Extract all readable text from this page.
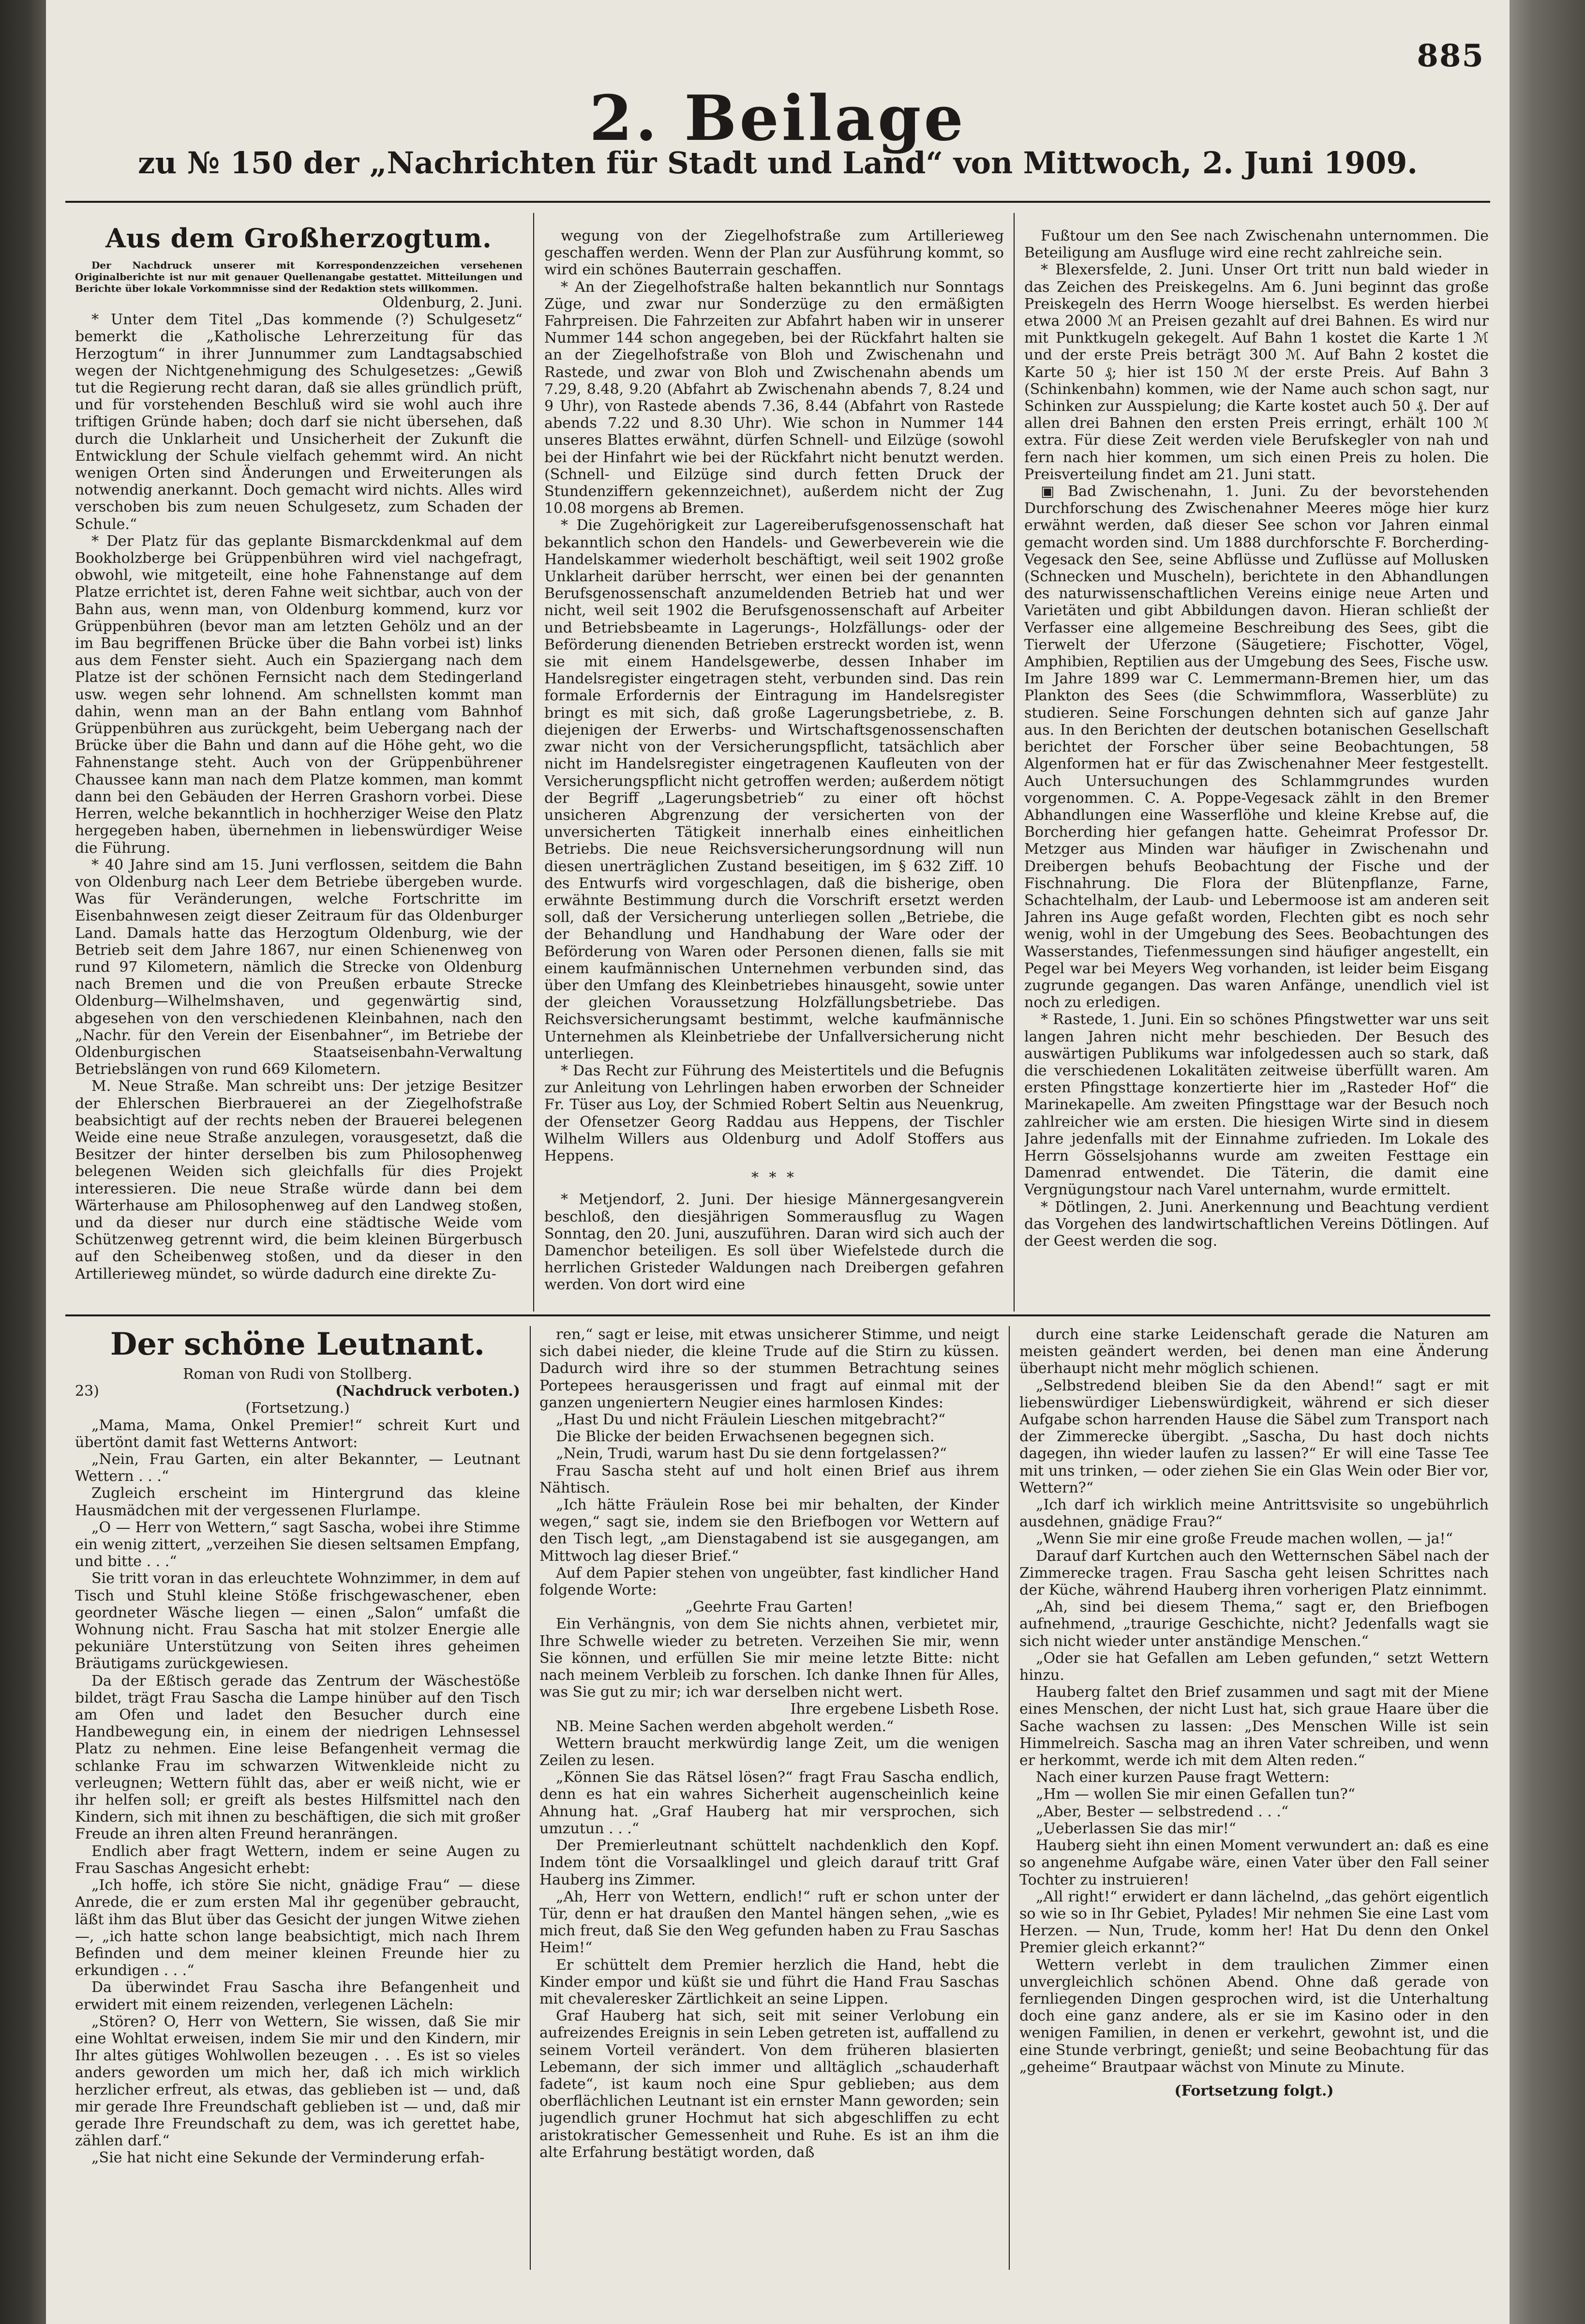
885
2. Beilage
zu № 150 der „Nachrichten für Stadt und Land“ von Mittwoch, 2. Juni 1909.
Aus dem Großherzogtum.

Der Nachdruck unserer mit Korrespondenzzeichen versehenen Originalberichte ist nur mit genauer Quellenangabe gestattet. Mitteilungen und Berichte über lokale Vorkommnisse sind der Redaktion stets willkommen.

Oldenburg, 2. Juni.

* Unter dem Titel „Das kommende (?) Schulgesetz“ bemerkt die „Katholische Lehrerzeitung für das Herzogtum“ in ihrer Junnummer zum Landtagsabschied wegen der Nichtgenehmigung des Schulgesetzes: „Gewiß tut die Regierung recht daran, daß sie alles gründlich prüft, und für vorstehenden Beschluß wird sie wohl auch ihre triftigen Gründe haben; doch darf sie nicht übersehen, daß durch die Unklarheit und Unsicherheit der Zukunft die Entwicklung der Schule vielfach gehemmt wird. An nicht wenigen Orten sind Änderungen und Erweiterungen als notwendig anerkannt. Doch gemacht wird nichts. Alles wird verschoben bis zum neuen Schulgesetz, zum Schaden der Schule.“

* Der Platz für das geplante Bismarckdenkmal auf dem Bookholzberge bei Grüppenbühren wird viel nachgefragt, obwohl, wie mitgeteilt, eine hohe Fahnenstange auf dem Platze errichtet ist, deren Fahne weit sichtbar, auch von der Bahn aus, wenn man, von Oldenburg kommend, kurz vor Grüppenbühren (bevor man am letzten Gehölz und an der im Bau begriffenen Brücke über die Bahn vorbei ist) links aus dem Fenster sieht. Auch ein Spaziergang nach dem Platze ist der schönen Fernsicht nach dem Stedingerland usw. wegen sehr lohnend. Am schnellsten kommt man dahin, wenn man an der Bahn entlang vom Bahnhof Grüppenbühren aus zurückgeht, beim Uebergang nach der Brücke über die Bahn und dann auf die Höhe geht, wo die Fahnenstange steht. Auch von der Grüppenbührener Chaussee kann man nach dem Platze kommen, man kommt dann bei den Gebäuden der Herren Grashorn vorbei. Diese Herren, welche bekanntlich in hochherziger Weise den Platz hergegeben haben, übernehmen in liebenswürdiger Weise die Führung.

* 40 Jahre sind am 15. Juni verflossen, seitdem die Bahn von Oldenburg nach Leer dem Betriebe übergeben wurde. Was für Veränderungen, welche Fortschritte im Eisenbahnwesen zeigt dieser Zeitraum für das Oldenburger Land. Damals hatte das Herzogtum Oldenburg, wie der Betrieb seit dem Jahre 1867, nur einen Schienenweg von rund 97 Kilometern, nämlich die Strecke von Oldenburg nach Bremen und die von Preußen erbaute Strecke Oldenburg—Wilhelmshaven, und gegenwärtig sind, abgesehen von den verschiedenen Kleinbahnen, nach den „Nachr. für den Verein der Eisenbahner“, im Betriebe der Oldenburgischen Staatseisenbahn-Verwaltung Betriebslängen von rund 669 Kilometern.

M. Neue Straße. Man schreibt uns: Der jetzige Besitzer der Ehlerschen Bierbrauerei an der Ziegelhofstraße beabsichtigt auf der rechts neben der Brauerei belegenen Weide eine neue Straße anzulegen, vorausgesetzt, daß die Besitzer der hinter derselben bis zum Philosophenweg belegenen Weiden sich gleichfalls für dies Projekt interessieren. Die neue Straße würde dann bei dem Wärterhause am Philosophenweg auf den Landweg stoßen, und da dieser nur durch eine städtische Weide vom Schützenweg getrennt wird, die beim kleinen Bürgerbusch auf den Scheibenweg stoßen, und da dieser in den Artillerieweg mündet, so würde dadurch eine direkte Zu-

wegung von der Ziegelhofstraße zum Artillerieweg geschaffen werden. Wenn der Plan zur Ausführung kommt, so wird ein schönes Bauterrain geschaffen.

* An der Ziegelhofstraße halten bekanntlich nur Sonntags Züge, und zwar nur Sonderzüge zu den ermäßigten Fahrpreisen. Die Fahrzeiten zur Abfahrt haben wir in unserer Nummer 144 schon angegeben, bei der Rückfahrt halten sie an der Ziegelhofstraße von Bloh und Zwischenahn und Rastede, und zwar von Bloh und Zwischenahn abends um 7.29, 8.48, 9.20 (Abfahrt ab Zwischenahn abends 7, 8.24 und 9 Uhr), von Rastede abends 7.36, 8.44 (Abfahrt von Rastede abends 7.22 und 8.30 Uhr). Wie schon in Nummer 144 unseres Blattes erwähnt, dürfen Schnell- und Eilzüge (sowohl bei der Hinfahrt wie bei der Rückfahrt nicht benutzt werden. (Schnell- und Eilzüge sind durch fetten Druck der Stundenziffern gekennzeichnet), außerdem nicht der Zug 10.08 morgens ab Bremen.

* Die Zugehörigkeit zur Lagereiberufsgenossenschaft hat bekanntlich schon den Handels- und Gewerbeverein wie die Handelskammer wiederholt beschäftigt, weil seit 1902 große Unklarheit darüber herrscht, wer einen bei der genannten Berufsgenossenschaft anzumeldenden Betrieb hat und wer nicht, weil seit 1902 die Berufsgenossenschaft auf Arbeiter und Betriebsbeamte in Lagerungs-, Holzfällungs- oder der Beförderung dienenden Betrieben erstreckt worden ist, wenn sie mit einem Handelsgewerbe, dessen Inhaber im Handelsregister eingetragen steht, verbunden sind. Das rein formale Erfordernis der Eintragung im Handelsregister bringt es mit sich, daß große Lagerungsbetriebe, z. B. diejenigen der Erwerbs- und Wirtschaftsgenossenschaften zwar nicht von der Versicherungspflicht, tatsächlich aber nicht im Handelsregister eingetragenen Kaufleuten von der Versicherungspflicht nicht getroffen werden; außerdem nötigt der Begriff „Lagerungsbetrieb“ zu einer oft höchst unsicheren Abgrenzung der versicherten von der unversicherten Tätigkeit innerhalb eines einheitlichen Betriebs. Die neue Reichsversicherungsordnung will nun diesen unerträglichen Zustand beseitigen, im § 632 Ziff. 10 des Entwurfs wird vorgeschlagen, daß die bisherige, oben erwähnte Bestimmung durch die Vorschrift ersetzt werden soll, daß der Versicherung unterliegen sollen „Betriebe, die der Behandlung und Handhabung der Ware oder der Beförderung von Waren oder Personen dienen, falls sie mit einem kaufmännischen Unternehmen verbunden sind, das über den Umfang des Kleinbetriebes hinausgeht, sowie unter der gleichen Voraussetzung Holzfällungsbetriebe. Das Reichsversicherungsamt bestimmt, welche kaufmännische Unternehmen als Kleinbetriebe der Unfallversicherung nicht unterliegen.

* Das Recht zur Führung des Meistertitels und die Befugnis zur Anleitung von Lehrlingen haben erworben der Schneider Fr. Tüser aus Loy, der Schmied Robert Seltin aus Neuenkrug, der Ofensetzer Georg Raddau aus Heppens, der Tischler Wilhelm Willers aus Oldenburg und Adolf Stoffers aus Heppens.

* * *

* Metjendorf, 2. Juni. Der hiesige Männergesangverein beschloß, den diesjährigen Sommerausflug zu Wagen Sonntag, den 20. Juni, auszuführen. Daran wird sich auch der Damenchor beteiligen. Es soll über Wiefelstede durch die herrlichen Gristeder Waldungen nach Dreibergen gefahren werden. Von dort wird eine

Fußtour um den See nach Zwischenahn unternommen. Die Beteiligung am Ausfluge wird eine recht zahlreiche sein.

* Blexersfelde, 2. Juni. Unser Ort tritt nun bald wieder in das Zeichen des Preiskegelns. Am 6. Juni beginnt das große Preiskegeln des Herrn Wooge hierselbst. Es werden hierbei etwa 2000 ℳ an Preisen gezahlt auf drei Bahnen. Es wird nur mit Punktkugeln gekegelt. Auf Bahn 1 kostet die Karte 1 ℳ und der erste Preis beträgt 300 ℳ. Auf Bahn 2 kostet die Karte 50 ₰; hier ist 150 ℳ der erste Preis. Auf Bahn 3 (Schinkenbahn) kommen, wie der Name auch schon sagt, nur Schinken zur Ausspielung; die Karte kostet auch 50 ₰. Der auf allen drei Bahnen den ersten Preis erringt, erhält 100 ℳ extra. Für diese Zeit werden viele Berufskegler von nah und fern nach hier kommen, um sich einen Preis zu holen. Die Preisverteilung findet am 21. Juni statt.

▣ Bad Zwischenahn, 1. Juni. Zu der bevorstehenden Durchforschung des Zwischenahner Meeres möge hier kurz erwähnt werden, daß dieser See schon vor Jahren einmal gemacht worden sind. Um 1888 durchforschte F. Borcherding-Vegesack den See, seine Abflüsse und Zuflüsse auf Mollusken (Schnecken und Muscheln), berichtete in den Abhandlungen des naturwissenschaftlichen Vereins einige neue Arten und Varietäten und gibt Abbildungen davon. Hieran schließt der Verfasser eine allgemeine Beschreibung des Sees, gibt die Tierwelt der Uferzone (Säugetiere; Fischotter, Vögel, Amphibien, Reptilien aus der Umgebung des Sees, Fische usw. Im Jahre 1899 war C. Lemmermann-Bremen hier, um das Plankton des Sees (die Schwimmflora, Wasserblüte) zu studieren. Seine Forschungen dehnten sich auf ganze Jahr aus. In den Berichten der deutschen botanischen Gesellschaft berichtet der Forscher über seine Beobachtungen, 58 Algenformen hat er für das Zwischenahner Meer festgestellt. Auch Untersuchungen des Schlammgrundes wurden vorgenommen. C. A. Poppe-Vegesack zählt in den Bremer Abhandlungen eine Wasserflöhe und kleine Krebse auf, die Borcherding hier gefangen hatte. Geheimrat Professor Dr. Metzger aus Minden war häufiger in Zwischenahn und Dreibergen behufs Beobachtung der Fische und der Fischnahrung. Die Flora der Blütenpflanze, Farne, Schachtelhalm, der Laub- und Lebermoose ist am anderen seit Jahren ins Auge gefaßt worden, Flechten gibt es noch sehr wenig, wohl in der Umgebung des Sees. Beobachtungen des Wasserstandes, Tiefenmessungen sind häufiger angestellt, ein Pegel war bei Meyers Weg vorhanden, ist leider beim Eisgang zugrunde gegangen. Das waren Anfänge, unendlich viel ist noch zu erledigen.

* Rastede, 1. Juni. Ein so schönes Pfingstwetter war uns seit langen Jahren nicht mehr beschieden. Der Besuch des auswärtigen Publikums war infolgedessen auch so stark, daß die verschiedenen Lokalitäten zeitweise überfüllt waren. Am ersten Pfingsttage konzertierte hier im „Rasteder Hof“ die Marinekapelle. Am zweiten Pfingsttage war der Besuch noch zahlreicher wie am ersten. Die hiesigen Wirte sind in diesem Jahre jedenfalls mit der Einnahme zufrieden. Im Lokale des Herrn Gösselsjohanns wurde am zweiten Festtage ein Damenrad entwendet. Die Täterin, die damit eine Vergnügungstour nach Varel unternahm, wurde ermittelt.

* Dötlingen, 2. Juni. Anerkennung und Beachtung verdient das Vorgehen des landwirtschaftlichen Vereins Dötlingen. Auf der Geest werden die sog.

Der schöne Leutnant.

Roman von Rudi von Stollberg.

23)	(Nachdruck verboten.)

(Fortsetzung.)

„Mama, Mama, Onkel Premier!“ schreit Kurt und übertönt damit fast Wetterns Antwort:

„Nein, Frau Garten, ein alter Bekannter, — Leutnant Wettern . . .“

Zugleich erscheint im Hintergrund das kleine Hausmädchen mit der vergessenen Flurlampe.

„O — Herr von Wettern,“ sagt Sascha, wobei ihre Stimme ein wenig zittert, „verzeihen Sie diesen seltsamen Empfang, und bitte . . .“

Sie tritt voran in das erleuchtete Wohnzimmer, in dem auf Tisch und Stuhl kleine Stöße frischgewaschener, eben geordneter Wäsche liegen — einen „Salon“ umfaßt die Wohnung nicht. Frau Sascha hat mit stolzer Energie alle pekuniäre Unterstützung von Seiten ihres geheimen Bräutigams zurückgewiesen.

Da der Eßtisch gerade das Zentrum der Wäschestöße bildet, trägt Frau Sascha die Lampe hinüber auf den Tisch am Ofen und ladet den Besucher durch eine Handbewegung ein, in einem der niedrigen Lehnsessel Platz zu nehmen. Eine leise Befangenheit vermag die schlanke Frau im schwarzen Witwenkleide nicht zu verleugnen; Wettern fühlt das, aber er weiß nicht, wie er ihr helfen soll; er greift als bestes Hilfsmittel nach den Kindern, sich mit ihnen zu beschäftigen, die sich mit großer Freude an ihren alten Freund heranrängen.

Endlich aber fragt Wettern, indem er seine Augen zu Frau Saschas Angesicht erhebt:

„Ich hoffe, ich störe Sie nicht, gnädige Frau“ — diese Anrede, die er zum ersten Mal ihr gegenüber gebraucht, läßt ihm das Blut über das Gesicht der jungen Witwe ziehen —, „ich hatte schon lange beabsichtigt, mich nach Ihrem Befinden und dem meiner kleinen Freunde hier zu erkundigen . . .“

Da überwindet Frau Sascha ihre Befangenheit und erwidert mit einem reizenden, verlegenen Lächeln:

„Stören? O, Herr von Wettern, Sie wissen, daß Sie mir eine Wohltat erweisen, indem Sie mir und den Kindern, mir Ihr altes gütiges Wohlwollen bezeugen . . . Es ist so vieles anders geworden um mich her, daß ich mich wirklich herzlicher erfreut, als etwas, das geblieben ist — und, daß mir gerade Ihre Freundschaft geblieben ist — und, daß mir gerade Ihre Freundschaft zu dem, was ich gerettet habe, zählen darf.“

„Sie hat nicht eine Sekunde der Verminderung erfah-

ren,“ sagt er leise, mit etwas unsicherer Stimme, und neigt sich dabei nieder, die kleine Trude auf die Stirn zu küssen. Dadurch wird ihre so der stummen Betrachtung seines Portepees herausgerissen und fragt auf einmal mit der ganzen ungeniertern Neugier eines harmlosen Kindes:

„Hast Du und nicht Fräulein Lieschen mitgebracht?“

Die Blicke der beiden Erwachsenen begegnen sich.

„Nein, Trudi, warum hast Du sie denn fortgelassen?“

Frau Sascha steht auf und holt einen Brief aus ihrem Nähtisch.

„Ich hätte Fräulein Rose bei mir behalten, der Kinder wegen,“ sagt sie, indem sie den Briefbogen vor Wettern auf den Tisch legt, „am Dienstagabend ist sie ausgegangen, am Mittwoch lag dieser Brief.“

Auf dem Papier stehen von ungeübter, fast kindlicher Hand folgende Worte:

„Geehrte Frau Garten!

Ein Verhängnis, von dem Sie nichts ahnen, verbietet mir, Ihre Schwelle wieder zu betreten. Verzeihen Sie mir, wenn Sie können, und erfüllen Sie mir meine letzte Bitte: nicht nach meinem Verbleib zu forschen. Ich danke Ihnen für Alles, was Sie gut zu mir; ich war derselben nicht wert.

Ihre ergebene Lisbeth Rose.

NB. Meine Sachen werden abgeholt werden.“

Wettern braucht merkwürdig lange Zeit, um die wenigen Zeilen zu lesen.

„Können Sie das Rätsel lösen?“ fragt Frau Sascha endlich, denn es hat ein wahres Sicherheit augenscheinlich keine Ahnung hat. „Graf Hauberg hat mir versprochen, sich umzutun . . .“

Der Premierleutnant schüttelt nachdenklich den Kopf. Indem tönt die Vorsaalklingel und gleich darauf tritt Graf Hauberg ins Zimmer.

„Ah, Herr von Wettern, endlich!“ ruft er schon unter der Tür, denn er hat draußen den Mantel hängen sehen, „wie es mich freut, daß Sie den Weg gefunden haben zu Frau Saschas Heim!“

Er schüttelt dem Premier herzlich die Hand, hebt die Kinder empor und küßt sie und führt die Hand Frau Saschas mit chevaleresker Zärtlichkeit an seine Lippen.

Graf Hauberg hat sich, seit mit seiner Verlobung ein aufreizendes Ereignis in sein Leben getreten ist, auffallend zu seinem Vorteil verändert. Von dem früheren blasierten Lebemann, der sich immer und alltäglich „schauderhaft fadete“, ist kaum noch eine Spur geblieben; aus dem oberflächlichen Leutnant ist ein ernster Mann geworden; sein jugendlich gruner Hochmut hat sich abgeschliffen zu echt aristokratischer Gemessenheit und Ruhe. Es ist an ihm die alte Erfahrung bestätigt worden, daß

durch eine starke Leidenschaft gerade die Naturen am meisten geändert werden, bei denen man eine Änderung überhaupt nicht mehr möglich schienen.

„Selbstredend bleiben Sie da den Abend!“ sagt er mit liebenswürdiger Liebenswürdigkeit, während er sich dieser Aufgabe schon harrenden Hause die Säbel zum Transport nach der Zimmerecke übergibt. „Sascha, Du hast doch nichts dagegen, ihn wieder laufen zu lassen?“ Er will eine Tasse Tee mit uns trinken, — oder ziehen Sie ein Glas Wein oder Bier vor, Wettern?“

„Ich darf ich wirklich meine Antrittsvisite so ungebührlich ausdehnen, gnädige Frau?“

„Wenn Sie mir eine große Freude machen wollen, — ja!“

Darauf darf Kurtchen auch den Wetternschen Säbel nach der Zimmerecke tragen. Frau Sascha geht leisen Schrittes nach der Küche, während Hauberg ihren vorherigen Platz einnimmt.

„Ah, sind bei diesem Thema,“ sagt er, den Briefbogen aufnehmend, „traurige Geschichte, nicht? Jedenfalls wagt sie sich nicht wieder unter anständige Menschen.“

„Oder sie hat Gefallen am Leben gefunden,“ setzt Wettern hinzu.

Hauberg faltet den Brief zusammen und sagt mit der Miene eines Menschen, der nicht Lust hat, sich graue Haare über die Sache wachsen zu lassen: „Des Menschen Wille ist sein Himmelreich. Sascha mag an ihren Vater schreiben, und wenn er herkommt, werde ich mit dem Alten reden.“

Nach einer kurzen Pause fragt Wettern:

„Hm — wollen Sie mir einen Gefallen tun?“

„Aber, Bester — selbstredend . . .“

„Ueberlassen Sie das mir!“

Hauberg sieht ihn einen Moment verwundert an: daß es eine so angenehme Aufgabe wäre, einen Vater über den Fall seiner Tochter zu instruieren!

„All right!“ erwidert er dann lächelnd, „das gehört eigentlich so wie so in Ihr Gebiet, Pylades! Mir nehmen Sie eine Last vom Herzen. — Nun, Trude, komm her! Hat Du denn den Onkel Premier gleich erkannt?“

Wettern verlebt in dem traulichen Zimmer einen unvergleichlich schönen Abend. Ohne daß gerade von fernliegenden Dingen gesprochen wird, ist die Unterhaltung doch eine ganz andere, als er sie im Kasino oder in den wenigen Familien, in denen er verkehrt, gewohnt ist, und die eine Stunde verbringt, genießt; und seine Beobachtung für das „geheime“ Brautpaar wächst von Minute zu Minute.

(Fortsetzung folgt.)
